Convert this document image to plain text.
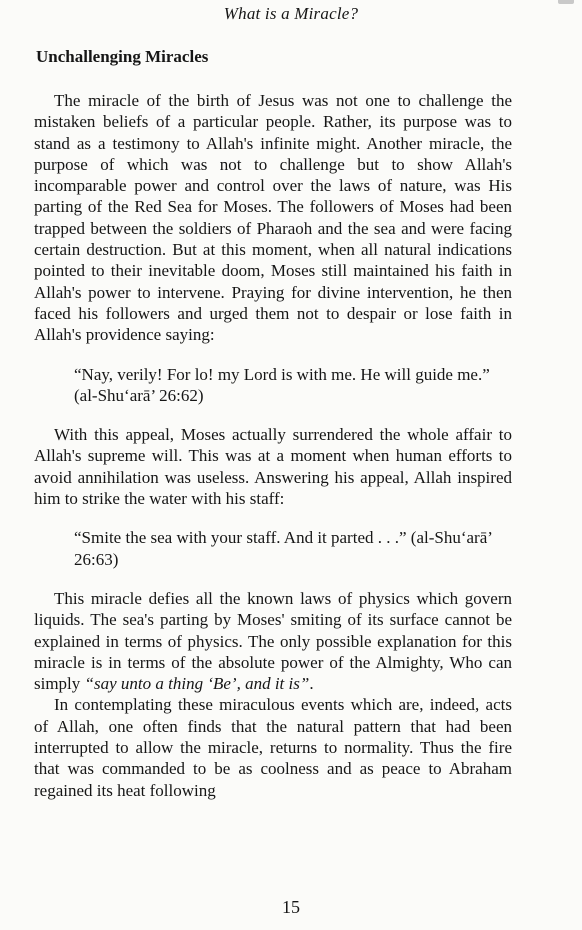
What is a Miracle?
Unchallenging Miracles

The miracle of the birth of Jesus was not one to challenge the mistaken beliefs of a particular people. Rather, its purpose was to stand as a testimony to Allah's infinite might. Another miracle, the purpose of which was not to challenge but to show Allah's incomparable power and control over the laws of nature, was His parting of the Red Sea for Moses. The followers of Moses had been trapped between the soldiers of Pharaoh and the sea and were facing certain destruction. But at this moment, when all natural indications pointed to their inevitable doom, Moses still maintained his faith in Allah's power to intervene. Praying for divine intervention, he then faced his followers and urged them not to despair or lose faith in Allah's providence saying:

“Nay, verily! For lo! my Lord is with me. He will guide me.” (al-Shu‘arā’ 26:62)

With this appeal, Moses actually surrendered the whole affair to Allah's supreme will. This was at a moment when human efforts to avoid annihilation was useless. Answering his appeal, Allah inspired him to strike the water with his staff:

“Smite the sea with your staff. And it parted . . .” (al-Shu‘arā’ 26:63)

This miracle defies all the known laws of physics which govern liquids. The sea's parting by Moses' smiting of its surface cannot be explained in terms of physics. The only possible explanation for this miracle is in terms of the absolute power of the Almighty, Who can simply “say unto a thing ‘Be’, and it is”.

In contemplating these miraculous events which are, indeed, acts of Allah, one often finds that the natural pattern that had been interrupted to allow the miracle, returns to normality. Thus the fire that was commanded to be as coolness and as peace to Abraham regained its heat following

15
